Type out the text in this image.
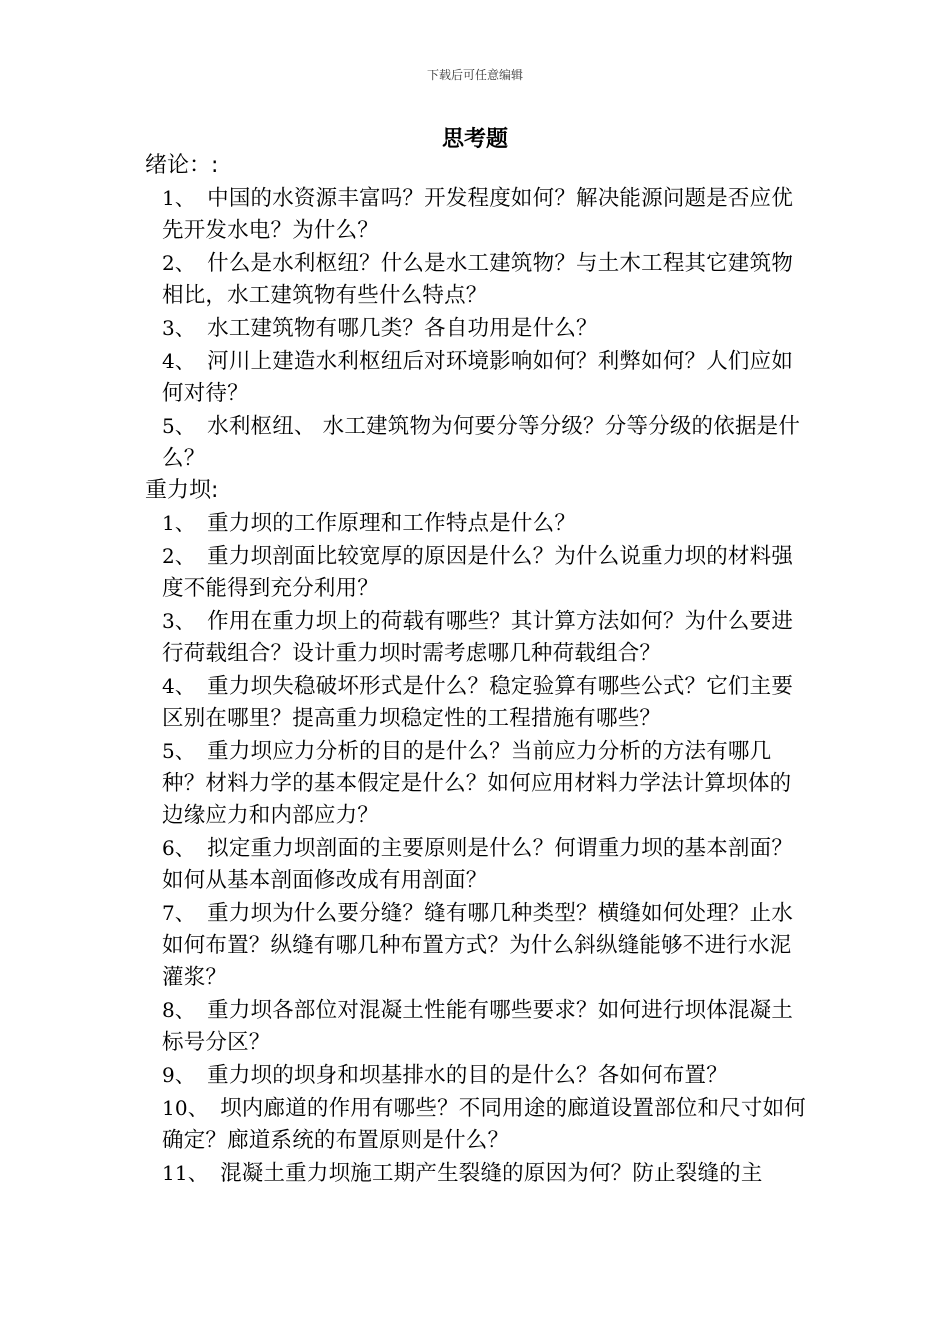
下载后可任意编辑
思考题
绪论：:

1、 中国的水资源丰富吗？开发程度如何？解决能源问题是否应优先开发水电？为什么？

2、 什么是水利枢纽？什么是水工建筑物？与土木工程其它建筑物相比，水工建筑物有些什么特点？

3、 水工建筑物有哪几类？各自功用是什么？

4、 河川上建造水利枢纽后对环境影响如何？利弊如何？人们应如何对待？

5、 水利枢纽、 水工建筑物为何要分等分级？分等分级的依据是什么？

重力坝:

1、 重力坝的工作原理和工作特点是什么？

2、 重力坝剖面比较宽厚的原因是什么？为什么说重力坝的材料强度不能得到充分利用？

3、 作用在重力坝上的荷载有哪些？其计算方法如何？为什么要进行荷载组合？设计重力坝时需考虑哪几种荷载组合？

4、 重力坝失稳破坏形式是什么？稳定验算有哪些公式？它们主要区别在哪里？提高重力坝稳定性的工程措施有哪些？

5、 重力坝应力分析的目的是什么？当前应力分析的方法有哪几种？材料力学的基本假定是什么？如何应用材料力学法计算坝体的边缘应力和内部应力？

6、 拟定重力坝剖面的主要原则是什么？何谓重力坝的基本剖面？如何从基本剖面修改成有用剖面？

7、 重力坝为什么要分缝？缝有哪几种类型？横缝如何处理？止水如何布置？纵缝有哪几种布置方式？为什么斜纵缝能够不进行水泥灌浆？

8、 重力坝各部位对混凝土性能有哪些要求？如何进行坝体混凝土标号分区？

9、 重力坝的坝身和坝基排水的目的是什么？各如何布置？

10、 坝内廊道的作用有哪些？不同用途的廊道设置部位和尺寸如何确定？廊道系统的布置原则是什么？

11、 混凝土重力坝施工期产生裂缝的原因为何？防止裂缝的主
